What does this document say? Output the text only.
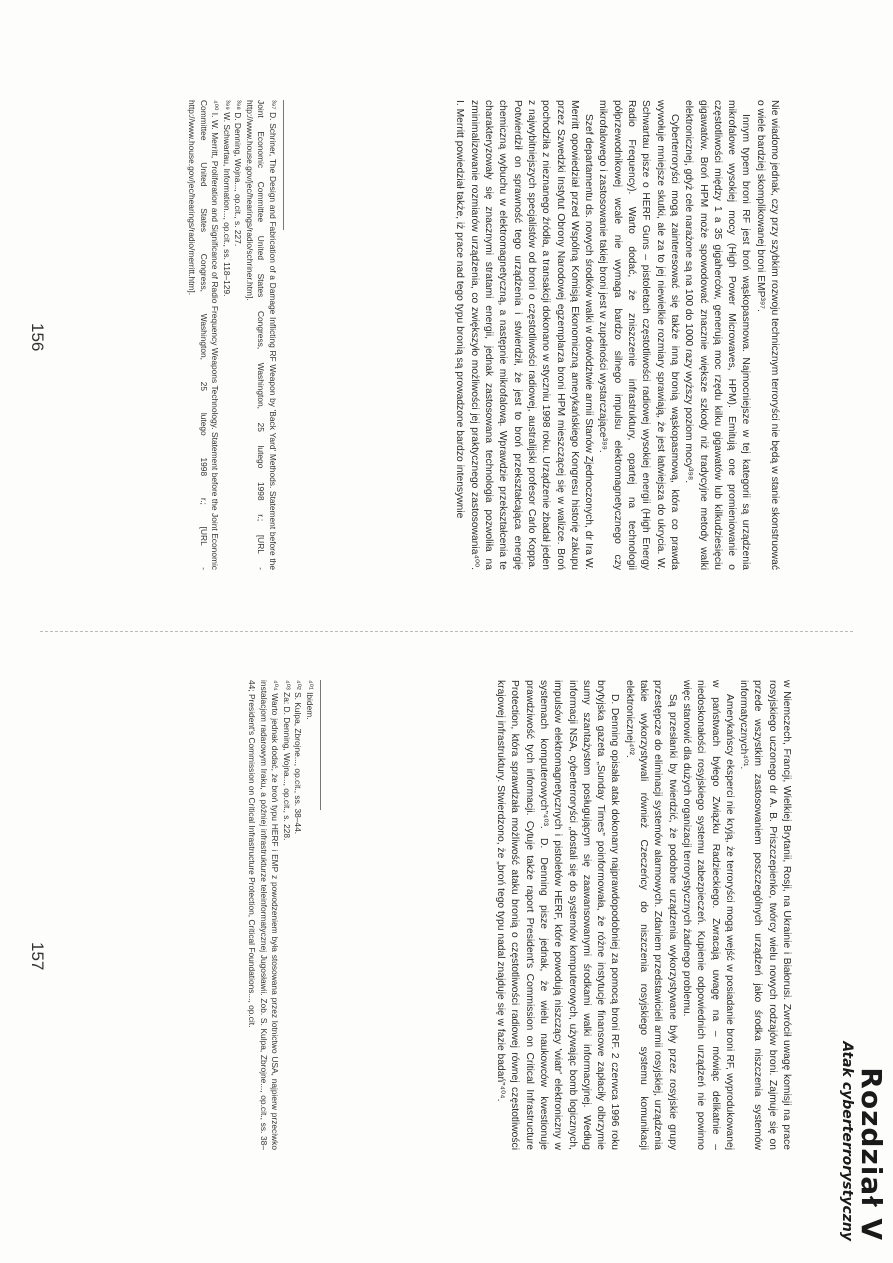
Nie wiadomo jednak, czy przy szybkim rozwoju technicznym terroryści nie będą w stanie skonstruować o wiele bardziej skomplikowanej broni EMP³⁹⁷.

Innym typem broni RF jest broń wąskopasmowa. Najmocniejsze w tej kategorii są urządzenia mikrofalowe wysokiej mocy (High Power Microwaves, HPM). Emitują one promieniowanie o częstotliwości między 1 a 35 gigaherców, generują moc rzędu kilku gigawatów lub kilkudziesięciu gigawatów. Broń HPM może spowodować znacznie większe szkody niż tradycyjne metody walki elektronicznej, gdyż cele narażone są na 100 do 1000 razy wyższy poziom mocy³⁹⁸.

Cyberterroryści mogą zainteresować się także inną bronią wąskopasmową, która co prawda wywołuje mniejsze skutki, ale za to jej niewielkie rozmiary sprawiają, że jest łatwiejsza do ukrycia. W. Schwartau pisze o HERF Guns – pistoletach częstotliwości radiowej wysokiej energii (High Energy Radio Frequency). Warto dodać, że zniszczenie infrastruktury, opartej na technologii półprzewodnikowej wcale nie wymaga bardzo silnego impulsu elektromagnetycznego czy mikrofalowego i zastosowanie takiej broni jest w zupełności wystarczające³⁹⁹.

Szef departamentu ds. nowych środków walki w dowództwie armii Stanów Zjednoczonych, dr Ira W. Merritt opowiedział przed Wspólną Komisją Ekonomiczną amerykańskiego Kongresu historię zakupu przez Szwedzki Instytut Obrony Narodowej egzemplarza broni HPM mieszczącej się w walizce. Broń pochodziła z nieznanego źródła, a transakcji dokonano w styczniu 1998 roku. Urządzenie zbadał jeden z najwybitniejszych specjalistów od broni o częstotliwości radiowej, australijski profesor Carlo Koppa. Potwierdził on sprawność tego urządzenia i stwierdził, że jest to broń przekształcająca energię chemiczną wybuchu w elektromagnetyczną, a następnie mikrofalową. Wprawdzie przekształcenia te charakteryzowały się znacznymi stratami energii, jednak zastosowana technologia pozwoliła na zminimalizowanie rozmiarów urządzenia, co zwiększyło możliwości jej praktycznego zastosowania⁴⁰⁰. I. Merritt powiedział także, iż prace nad tego typu bronią są prowadzone bardzo intensywnie

³⁹⁷ D. Schriner, The Design and Fabrication of a Damage Inflicting RF Weapon by 'Back Yard' Methods. Statement before the Joint Economic Committee United States Congress, Washington, 25 lutego 1998 r.; [URL - http://www.house.gov/jec/hearings/radio/schriner.htm].

³⁹⁸ D. Denning, Wojna..., op.cit., s. 227.

³⁹⁹ W. Schwartau, Information..., op.cit., ss. 118–129.

⁴⁰⁰ I. W. Merritt, Proliferation and Significance of Radio Frequency Weapons Technology. Statement before the Joint Economic Committee United States Congress, Washington, 25 lutego 1998 r.; [URL - http://www.house.gov/jec/hearings/radio/merritt.htm].

156
Rozdział V
Atak cyberterrorystyczny

w Niemczech, Francji, Wielkiej Brytanii, Rosji, na Ukrainie i Białorusi. Zwrócił uwagę komisji na prace rosyjskiego uczonego dr A. B. Priszczepienko, twórcy wielu nowych rodzajów broni. Zajmuje się on przede wszystkim zastosowaniem poszczególnych urządzeń jako środka niszczenia systemów informatycznych⁴⁰¹.

Amerykańscy eksperci nie kryją, że terroryści mogą wejść w posiadanie broni RF, wyprodukowanej w państwach byłego Związku Radzieckiego. Zwracają uwagę na – mówiąc delikatnie – niedoskonałości rosyjskiego systemu zabezpieczeń. Kupienie odpowiednich urządzeń nie powinno więc stanowić dla dużych organizacji terrorystycznych żadnego problemu.

Są przesłanki by twierdzić, że podobne urządzenia wykorzystywane były przez rosyjskie grupy przestępcze do eliminacji systemów alarmowych. Zdaniem przedstawicieli armii rosyjskiej, urządzenia takie wykorzystywali również Czeczeńcy do niszczenia rosyjskiego systemu komunikacji elektronicznej⁴⁰².

D. Denning opisała atak dokonany najprawdopodobniej za pomocą broni RF. 2 czerwca 1996 roku brytyjska gazeta „Sunday Times” poinformowała, że różne instytucje finansowe zapłaciły olbrzymie sumy szantażystom posługującym się zaawansowanymi środkami walki informacyjnej. Według informacji NSA, cyberterroryści „dostali się do systemów komputerowych, używając bomb logicznych, impulsów elektromagnetycznych i pistoletów HERF, które powodują niszczący 'wiatr' elektroniczny w systemach komputerowych”⁴⁰³. D. Denning pisze jednak, że wielu naukowców kwestionuje prawdziwość tych informacji. Cytuje także raport President's Commission on Critical Infrastructure Protection, która sprawdzała możliwość ataku bronią o częstotliwości radiowej równej częstotliwości krajowej infrastruktury. Stwierdzono, że „broń tego typu nadal znajduje się w fazie badań”⁴⁰⁴.

⁴⁰¹ Ibidem.

⁴⁰² S. Kulpa, Zbrojne..., op.cit., ss. 38–44.

⁴⁰³ Za: D. Denning, Wojna..., op.cit., s. 228.

⁴⁰⁴ Warto jednak dodać, że broń typu HERF i EMP z powodzeniem była stosowana przez lotnictwo USA, najpierw przeciwko instalacjom radarowym Iraku, a później infrastrukturze teleinformatycznej Jugosławii. Zob. S. Kulpa, Zbrojne..., op.cit., ss. 38–44; President's Commission on Critical Infrastructure Protection, Critical Foundations..., op.cit.

157
